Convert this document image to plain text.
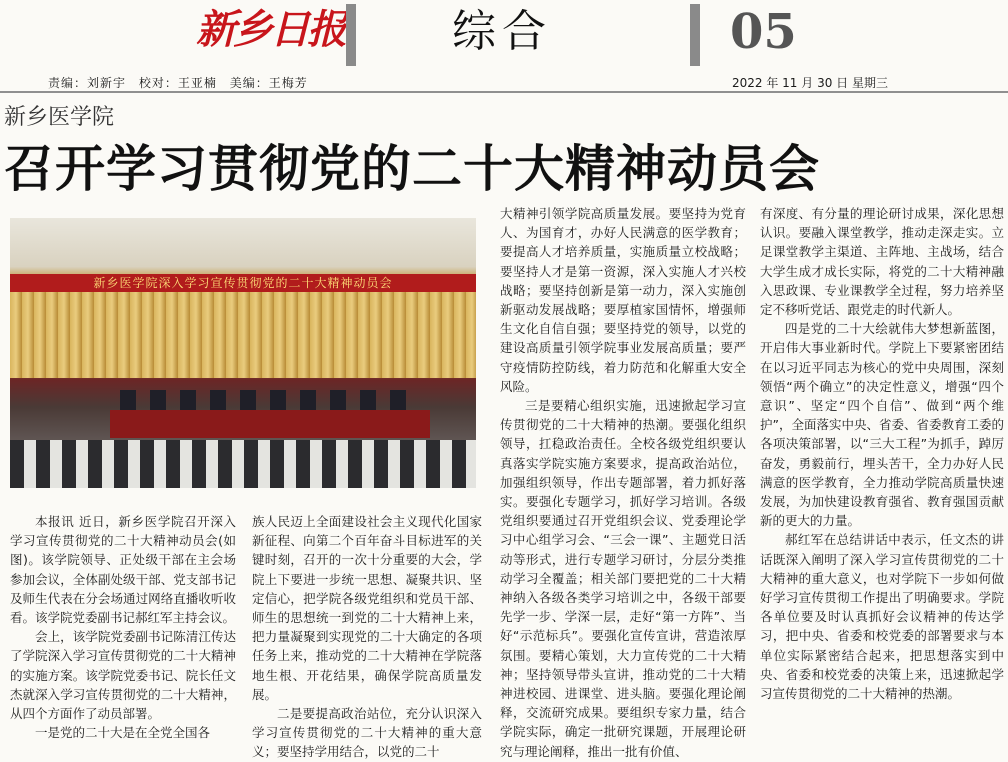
新乡日报 综合	05
责编：刘新宇 校对：王亚楠 美编：王梅芳	2022 年 11 月 30 日 星期三
新乡医学院
召开学习贯彻党的二十大精神动员会
新乡医学院深入学习宣传贯彻党的二十大精神动员会

本报讯 近日，新乡医学院召开深入学习宣传贯彻党的二十大精神动员会(如图)。该学院领导、正处级干部在主会场参加会议，全体副处级干部、党支部书记及师生代表在分会场通过网络直播收听收看。该学院党委副书记郝红军主持会议。

会上，该学院党委副书记陈清江传达了学院深入学习宣传贯彻党的二十大精神的实施方案。该学院党委书记、院长任文杰就深入学习宣传贯彻党的二十大精神，从四个方面作了动员部署。

一是党的二十大是在全党全国各

族人民迈上全面建设社会主义现代化国家新征程、向第二个百年奋斗目标进军的关键时刻，召开的一次十分重要的大会，学院上下要进一步统一思想、凝聚共识、坚定信心，把学院各级党组织和党员干部、师生的思想统一到党的二十大精神上来，把力量凝聚到实现党的二十大确定的各项任务上来，推动党的二十大精神在学院落地生根、开花结果，确保学院高质量发展。

二是要提高政治站位，充分认识深入学习宣传贯彻党的二十大精神的重大意义；要坚持学用结合，以党的二十

大精神引领学院高质量发展。要坚持为党育人、为国育才，办好人民满意的医学教育；要提高人才培养质量，实施质量立校战略；要坚持人才是第一资源，深入实施人才兴校战略；要坚持创新是第一动力，深入实施创新驱动发展战略；要厚植家国情怀，增强师生文化自信自强；要坚持党的领导，以党的建设高质量引领学院事业发展高质量；要严守疫情防控防线，着力防范和化解重大安全风险。

三是要精心组织实施，迅速掀起学习宣传贯彻党的二十大精神的热潮。要强化组织领导，扛稳政治责任。全校各级党组织要认真落实学院实施方案要求，提高政治站位，加强组织领导，作出专题部署，着力抓好落实。要强化专题学习，抓好学习培训。各级党组织要通过召开党组织会议、党委理论学习中心组学习会、“三会一课”、主题党日活动等形式，进行专题学习研讨，分层分类推动学习全覆盖；相关部门要把党的二十大精神纳入各级各类学习培训之中，各级干部要先学一步、学深一层，走好“第一方阵”、当好“示范标兵”。要强化宣传宣讲，营造浓厚氛围。要精心策划，大力宣传党的二十大精神；坚持领导带头宣讲，推动党的二十大精神进校园、进课堂、进头脑。要强化理论阐释，交流研究成果。要组织专家力量，结合学院实际，确定一批研究课题，开展理论研究与理论阐释，推出一批有价值、

有深度、有分量的理论研讨成果，深化思想认识。要融入课堂教学，推动走深走实。立足课堂教学主渠道、主阵地、主战场，结合大学生成才成长实际，将党的二十大精神融入思政课、专业课教学全过程，努力培养坚定不移听党话、跟党走的时代新人。

四是党的二十大绘就伟大梦想新蓝图，开启伟大事业新时代。学院上下要紧密团结在以习近平同志为核心的党中央周围，深刻领悟“两个确立”的决定性意义，增强“四个意识”、坚定“四个自信”、做到“两个维护”，全面落实中央、省委、省委教育工委的各项决策部署，以“三大工程”为抓手，踔厉奋发，勇毅前行，埋头苦干，全力办好人民满意的医学教育，全力推动学院高质量快速发展，为加快建设教育强省、教育强国贡献新的更大的力量。

郝红军在总结讲话中表示，任文杰的讲话既深入阐明了深入学习宣传贯彻党的二十大精神的重大意义，也对学院下一步如何做好学习宣传贯彻工作提出了明确要求。学院各单位要及时认真抓好会议精神的传达学习，把中央、省委和校党委的部署要求与本单位实际紧密结合起来，把思想落实到中央、省委和校党委的决策上来，迅速掀起学习宣传贯彻党的二十大精神的热潮。
